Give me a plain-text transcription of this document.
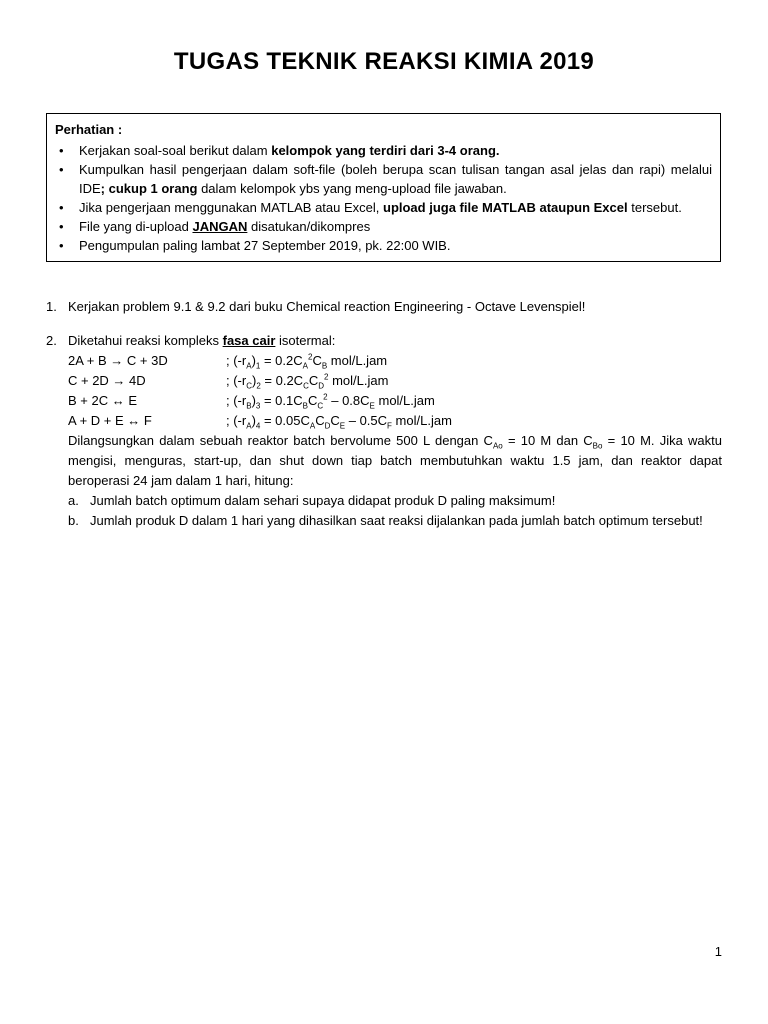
TUGAS TEKNIK REAKSI KIMIA 2019
Perhatian :
• Kerjakan soal-soal berikut dalam kelompok yang terdiri dari 3-4 orang.
• Kumpulkan hasil pengerjaan dalam soft-file (boleh berupa scan tulisan tangan asal jelas dan rapi) melalui IDE; cukup 1 orang dalam kelompok ybs yang meng-upload file jawaban.
• Jika pengerjaan menggunakan MATLAB atau Excel, upload juga file MATLAB ataupun Excel tersebut.
• File yang di-upload JANGAN disatukan/dikompres
• Pengumpulan paling lambat 27 September 2019, pk. 22:00 WIB.
1. Kerjakan problem 9.1 & 9.2 dari buku Chemical reaction Engineering - Octave Levenspiel!
2. Diketahui reaksi kompleks fasa cair isotermal:
2A + B → C + 3D	; $(-r_A)_1 = 0.2C_A^2C_B$ mol/L.jam
C + 2D → 4D	; $(-r_C)_2 = 0.2C_CC_D^2$ mol/L.jam
B + 2C ↔ E	; $(-r_B)_3 = 0.1C_BC_C^2 - 0.8C_E$ mol/L.jam
A + D + E ↔ F	; $(-r_A)_4 = 0.05C_AC_DC_E - 0.5C_F$ mol/L.jam
Dilangsungkan dalam sebuah reaktor batch bervolume 500 L dengan $C_{Ao} = 10$ M dan $C_{Bo} = 10$ M. Jika waktu mengisi, menguras, start-up, dan shut down tiap batch membutuhkan waktu 1.5 jam, dan reaktor dapat beroperasi 24 jam dalam 1 hari, hitung:
a. Jumlah batch optimum dalam sehari supaya didapat produk D paling maksimum!
b. Jumlah produk D dalam 1 hari yang dihasilkan saat reaksi dijalankan pada jumlah batch optimum tersebut!
1
